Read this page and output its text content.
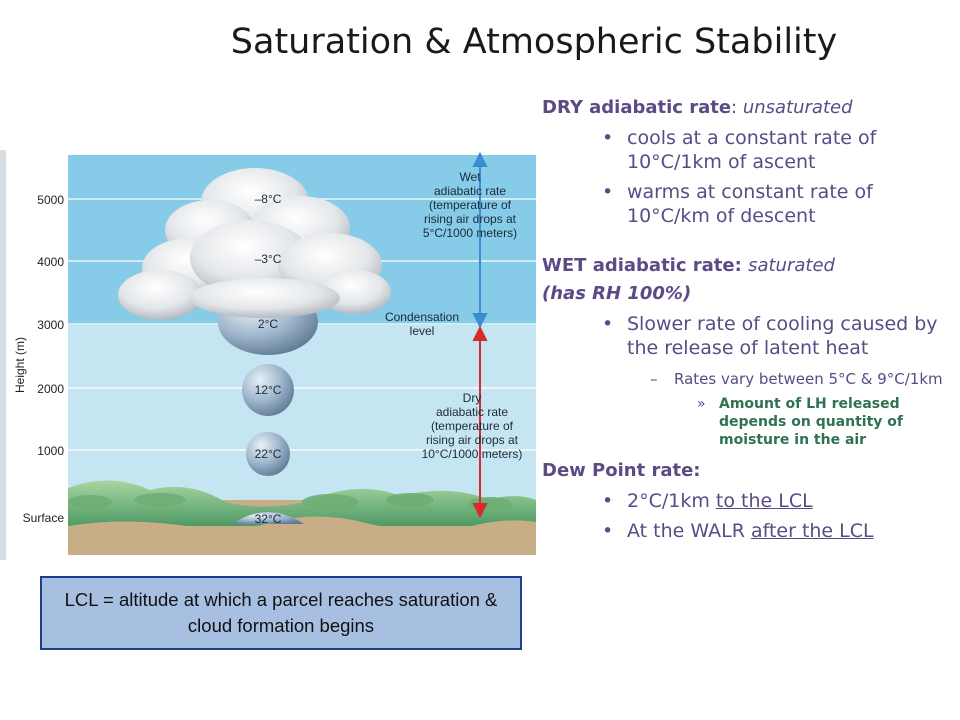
Saturation & Atmospheric Stability
5000
4000
3000
2000
1000
Surface
Height (m)
–8°C
–3°C
2°C
12°C
22°C
32°C
Wet
adiabatic rate
(temperature of
rising air drops at
5°C/1000 meters)
Condensation
level
Dry
adiabatic rate
(temperature of
rising air drops at
10°C/1000 meters)
DRY adiabatic rate: unsaturated
• cools at a constant rate of 10°C/1km of ascent
• warms at constant rate of 10°C/km of descent
WET adiabatic rate: saturated
(has RH 100%)
• Slower rate of cooling caused by the release of latent heat
– Rates vary between 5°C & 9°C/1km
» Amount of LH released depends on quantity of moisture in the air
Dew Point rate:
• 2°C/1km to the LCL
• At the WALR after the LCL
LCL = altitude at which a parcel reaches saturation & cloud formation begins
